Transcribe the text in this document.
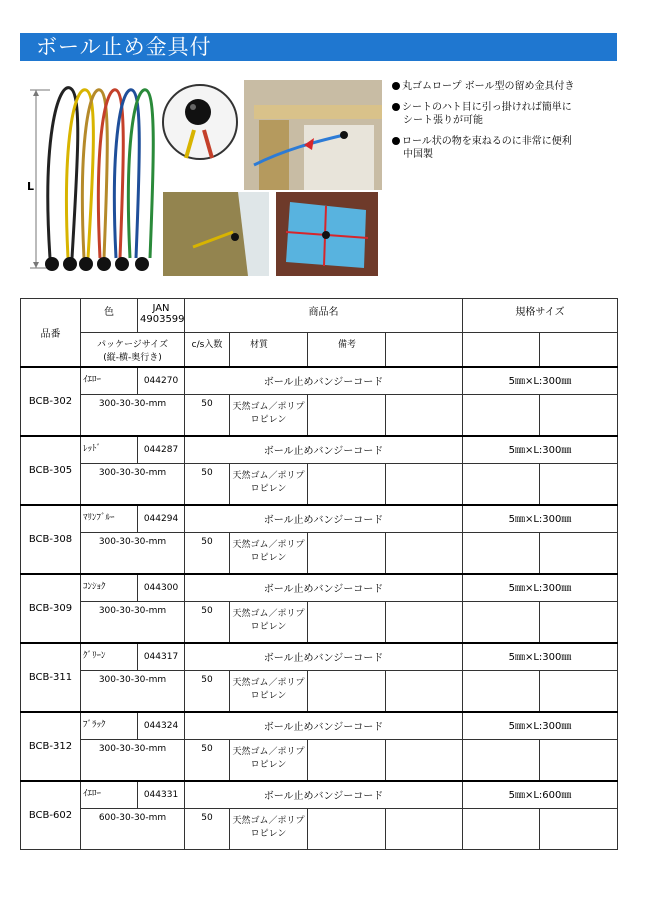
ボール止め金具付
L
丸ゴムロープ ボール型の留め金具付き
シートのハト目に引っ掛ければ簡単に
シート張りが可能
ロール状の物を束ねるのに非常に便利
中国製
品番	色	JAN
4903599	商品名				規格サイズ	

	パッケージサイズ
(縦-横-奥行き)		c/s入数	材質	備考			
BCB-302	ｲｴﾛｰ	044270	ボール止めバンジーコード				5㎜×L:300㎜	
	300-30-30-mm		50	天然ゴム／ポリプ
ロピレン				

BCB-305	ﾚｯﾄﾞ	044287	ボール止めバンジーコード				5㎜×L:300㎜	
	300-30-30-mm		50	天然ゴム／ポリプ
ロピレン				

BCB-308	ﾏﾘﾝﾌﾞﾙｰ	044294	ボール止めバンジーコード				5㎜×L:300㎜	
	300-30-30-mm		50	天然ゴム／ポリプ
ロピレン				

BCB-309	ｺﾝｼｮｸ	044300	ボール止めバンジーコード				5㎜×L:300㎜	
	300-30-30-mm		50	天然ゴム／ポリプ
ロピレン				

BCB-311	ｸﾞﾘｰﾝ	044317	ボール止めバンジーコード				5㎜×L:300㎜	
	300-30-30-mm		50	天然ゴム／ポリプ
ロピレン				

BCB-312	ﾌﾞﾗｯｸ	044324	ボール止めバンジーコード				5㎜×L:300㎜	
	300-30-30-mm		50	天然ゴム／ポリプ
ロピレン				

BCB-602	ｲｴﾛｰ	044331	ボール止めバンジーコード				5㎜×L:600㎜	
	600-30-30-mm		50	天然ゴム／ポリプ
ロピレン				
